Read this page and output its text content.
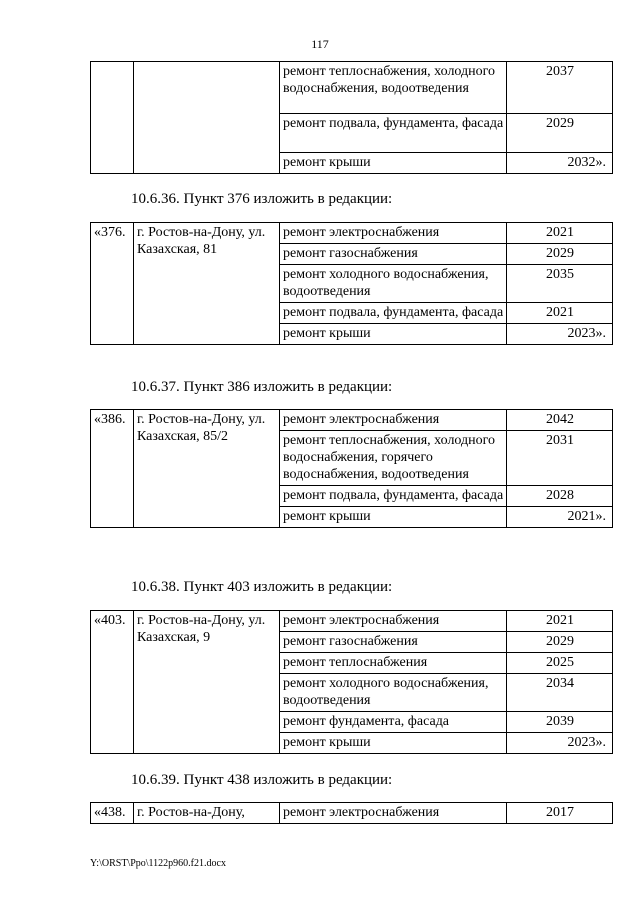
117
		ремонт теплоснабжения, холодного водоснабжения, водоотведения	2037
		ремонт подвала, фундамента, фасада	2029
		ремонт крыши	2032».
10.6.36. Пункт 376 изложить в редакции:
«376.	г. Ростов-на-Дону, ул. Казахская, 81	ремонт электроснабжения	2021
		ремонт газоснабжения	2029
		ремонт холодного водоснабжения, водоотведения	2035
		ремонт подвала, фундамента, фасада	2021
		ремонт крыши	2023».
10.6.37. Пункт 386 изложить в редакции:
«386.	г. Ростов-на-Дону, ул. Казахская, 85/2	ремонт электроснабжения	2042
		ремонт теплоснабжения, холодного водоснабжения, горячего водоснабжения, водоотведения	2031
		ремонт подвала, фундамента, фасада	2028
		ремонт крыши	2021».
10.6.38. Пункт 403 изложить в редакции:
«403.	г. Ростов-на-Дону, ул. Казахская, 9	ремонт электроснабжения	2021
		ремонт газоснабжения	2029
		ремонт теплоснабжения	2025
		ремонт холодного водоснабжения, водоотведения	2034
		ремонт фундамента, фасада	2039
		ремонт крыши	2023».
10.6.39. Пункт 438 изложить в редакции:
«438.	г. Ростов-на-Дону,	ремонт электроснабжения	2017
Y:\ORST\Ppo\1122p960.f21.docx
